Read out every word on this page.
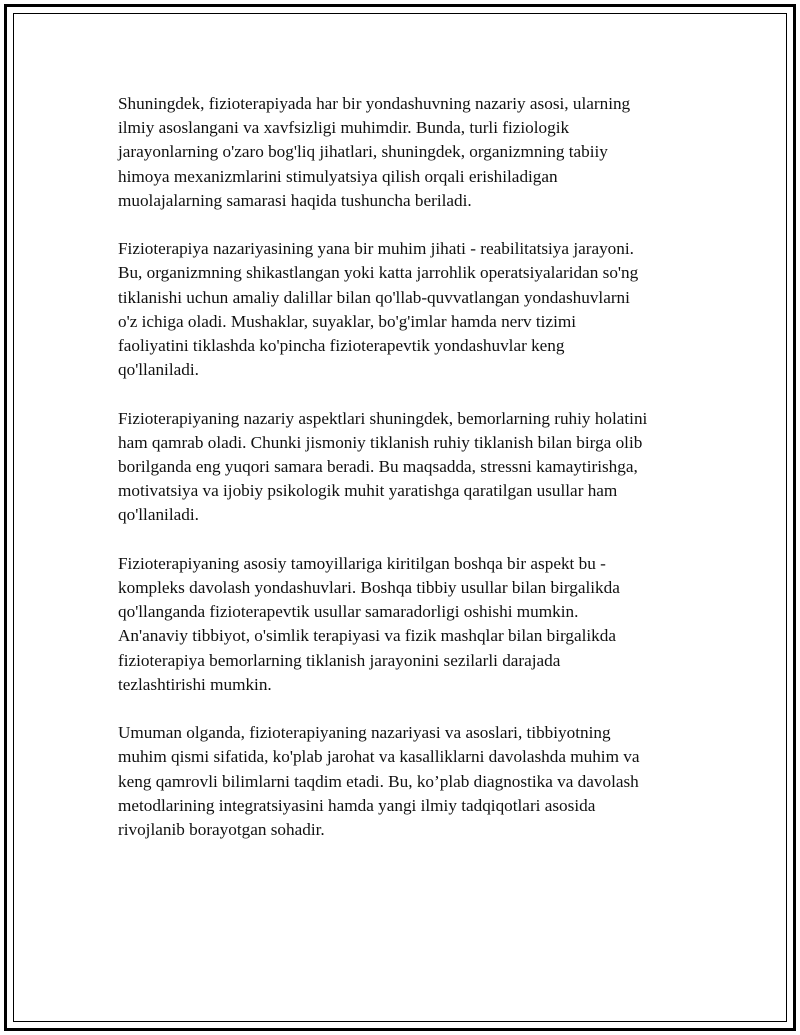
Shuningdek, fizioterapiyada har bir yondashuvning nazariy asosi, ularning
ilmiy asoslangani va xavfsizligi muhimdir. Bunda, turli fiziologik
jarayonlarning o'zaro bog'liq jihatlari, shuningdek, organizmning tabiiy
himoya mexanizmlarini stimulyatsiya qilish orqali erishiladigan
muolajalarning samarasi haqida tushuncha beriladi.

Fizioterapiya nazariyasining yana bir muhim jihati - reabilitatsiya jarayoni.
Bu, organizmning shikastlangan yoki katta jarrohlik operatsiyalaridan so'ng
tiklanishi uchun amaliy dalillar bilan qo'llab-quvvatlangan yondashuvlarni
o'z ichiga oladi. Mushaklar, suyaklar, bo'g'imlar hamda nerv tizimi
faoliyatini tiklashda ko'pincha fizioterapevtik yondashuvlar keng
qo'llaniladi.

Fizioterapiyaning nazariy aspektlari shuningdek, bemorlarning ruhiy holatini
ham qamrab oladi. Chunki jismoniy tiklanish ruhiy tiklanish bilan birga olib
borilganda eng yuqori samara beradi. Bu maqsadda, stressni kamaytirishga,
motivatsiya va ijobiy psikologik muhit yaratishga qaratilgan usullar ham
qo'llaniladi.

Fizioterapiyaning asosiy tamoyillariga kiritilgan boshqa bir aspekt bu -
kompleks davolash yondashuvlari. Boshqa tibbiy usullar bilan birgalikda
qo'llanganda fizioterapevtik usullar samaradorligi oshishi mumkin.
An'anaviy tibbiyot, o'simlik terapiyasi va fizik mashqlar bilan birgalikda
fizioterapiya bemorlarning tiklanish jarayonini sezilarli darajada
tezlashtirishi mumkin.

Umuman olganda, fizioterapiyaning nazariyasi va asoslari, tibbiyotning
muhim qismi sifatida, ko'plab jarohat va kasalliklarni davolashda muhim va
keng qamrovli bilimlarni taqdim etadi. Bu, ko’plab diagnostika va davolash
metodlarining integratsiyasini hamda yangi ilmiy tadqiqotlari asosida
rivojlanib borayotgan sohadir.
